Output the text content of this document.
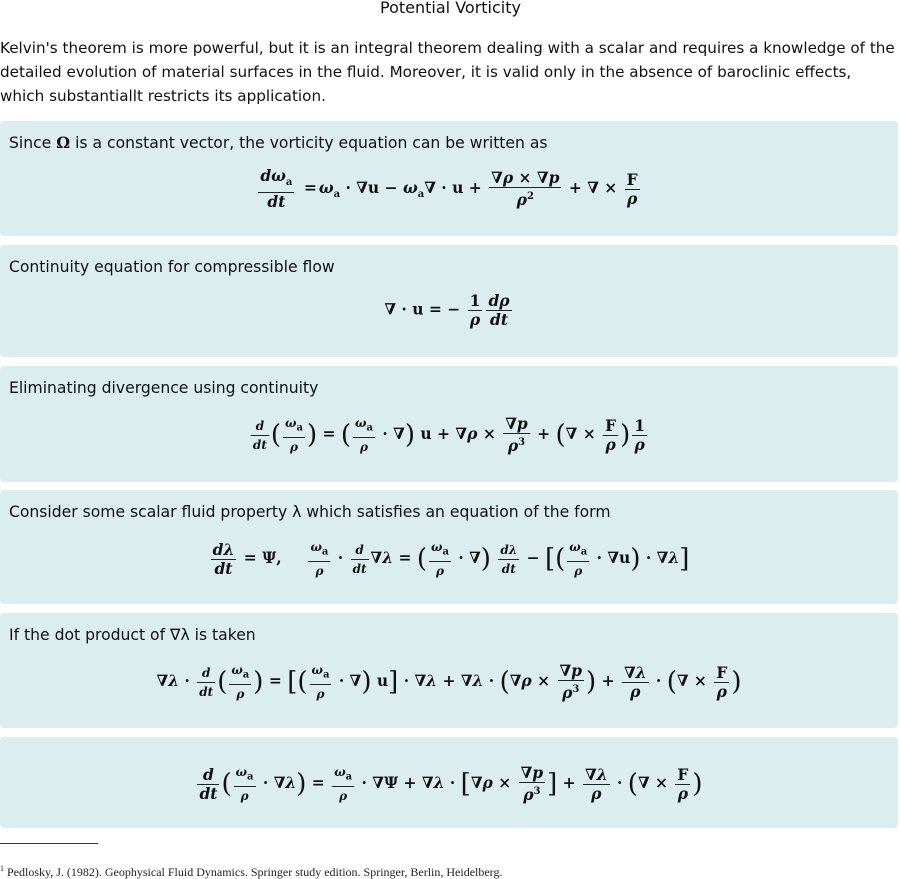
Potential Vorticity
Kelvin's theorem is more powerful, but it is an integral theorem dealing with a scalar and requires a knowledge of the detailed evolution of material surfaces in the fluid. Moreover, it is valid only in the absence of baroclinic effects, which substantiallt restricts its application.
Since Ω is a constant vector, the vorticity equation can be written as
$\frac{d\omega_a}{dt} = \omega_a \cdot \nabla u - \omega_a\nabla \cdot u + \frac{\nabla\rho \times \nabla p}{\rho^2}$ + ∇ × $\frac{F}{\rho}$
Continuity equation for compressible flow
∇ · u = − $\frac{1}{\rho} \frac{d\rho}{dt}$
Eliminating divergence using continuity
$\frac{d}{dt}$ ( $\frac{\omega_a}{\rho}$ ) = ( $\frac{\omega_a}{\rho}$ · ∇) $u + \nabla\rho \times \frac{\nabla p}{\rho^3}$ + (∇ × $\frac{F}{\rho}$ ) $\frac{1}{\rho}$
Consider some scalar fluid property λ which satisfies an equation of the form
$\frac{d\lambda}{dt} = \Psi$, $\frac{\omega_a}{\rho} \cdot \frac{d}{dt} \nabla\lambda$ = ( $\frac{\omega_a}{\rho}$ · ∇) $\frac{d\lambda}{dt}$ − [( $\frac{\omega_a}{\rho} \cdot \nabla u) \cdot \nabla\lambda$]
If the dot product of ∇λ is taken
$\nabla\lambda \cdot \frac{d}{dt}$ ( $\frac{\omega_a}{\rho}$ ) = [( $\frac{\omega_a}{\rho}$ · ∇) $u] \cdot \nabla\lambda + \nabla\lambda \cdot (\nabla\rho \times \frac{\nabla p}{\rho^3}$ ) + $\frac{\nabla\lambda}{\rho}$ · (∇ × $\frac{F}{\rho}$ )
$\frac{d}{dt}$ ( $\frac{\omega_a}{\rho} \cdot \nabla\lambda) = \frac{\omega_a}{\rho} \cdot \nabla\Psi + \nabla\lambda \cdot [\nabla\rho \times \frac{\nabla p}{\rho^3}$ ] + $\frac{\nabla\lambda}{\rho}$ · (∇ × $\frac{F}{\rho}$ )
$^1$ Pedlosky, J. (1982). Geophysical Fluid Dynamics. Springer study edition. Springer, Berlin, Heidelberg.
